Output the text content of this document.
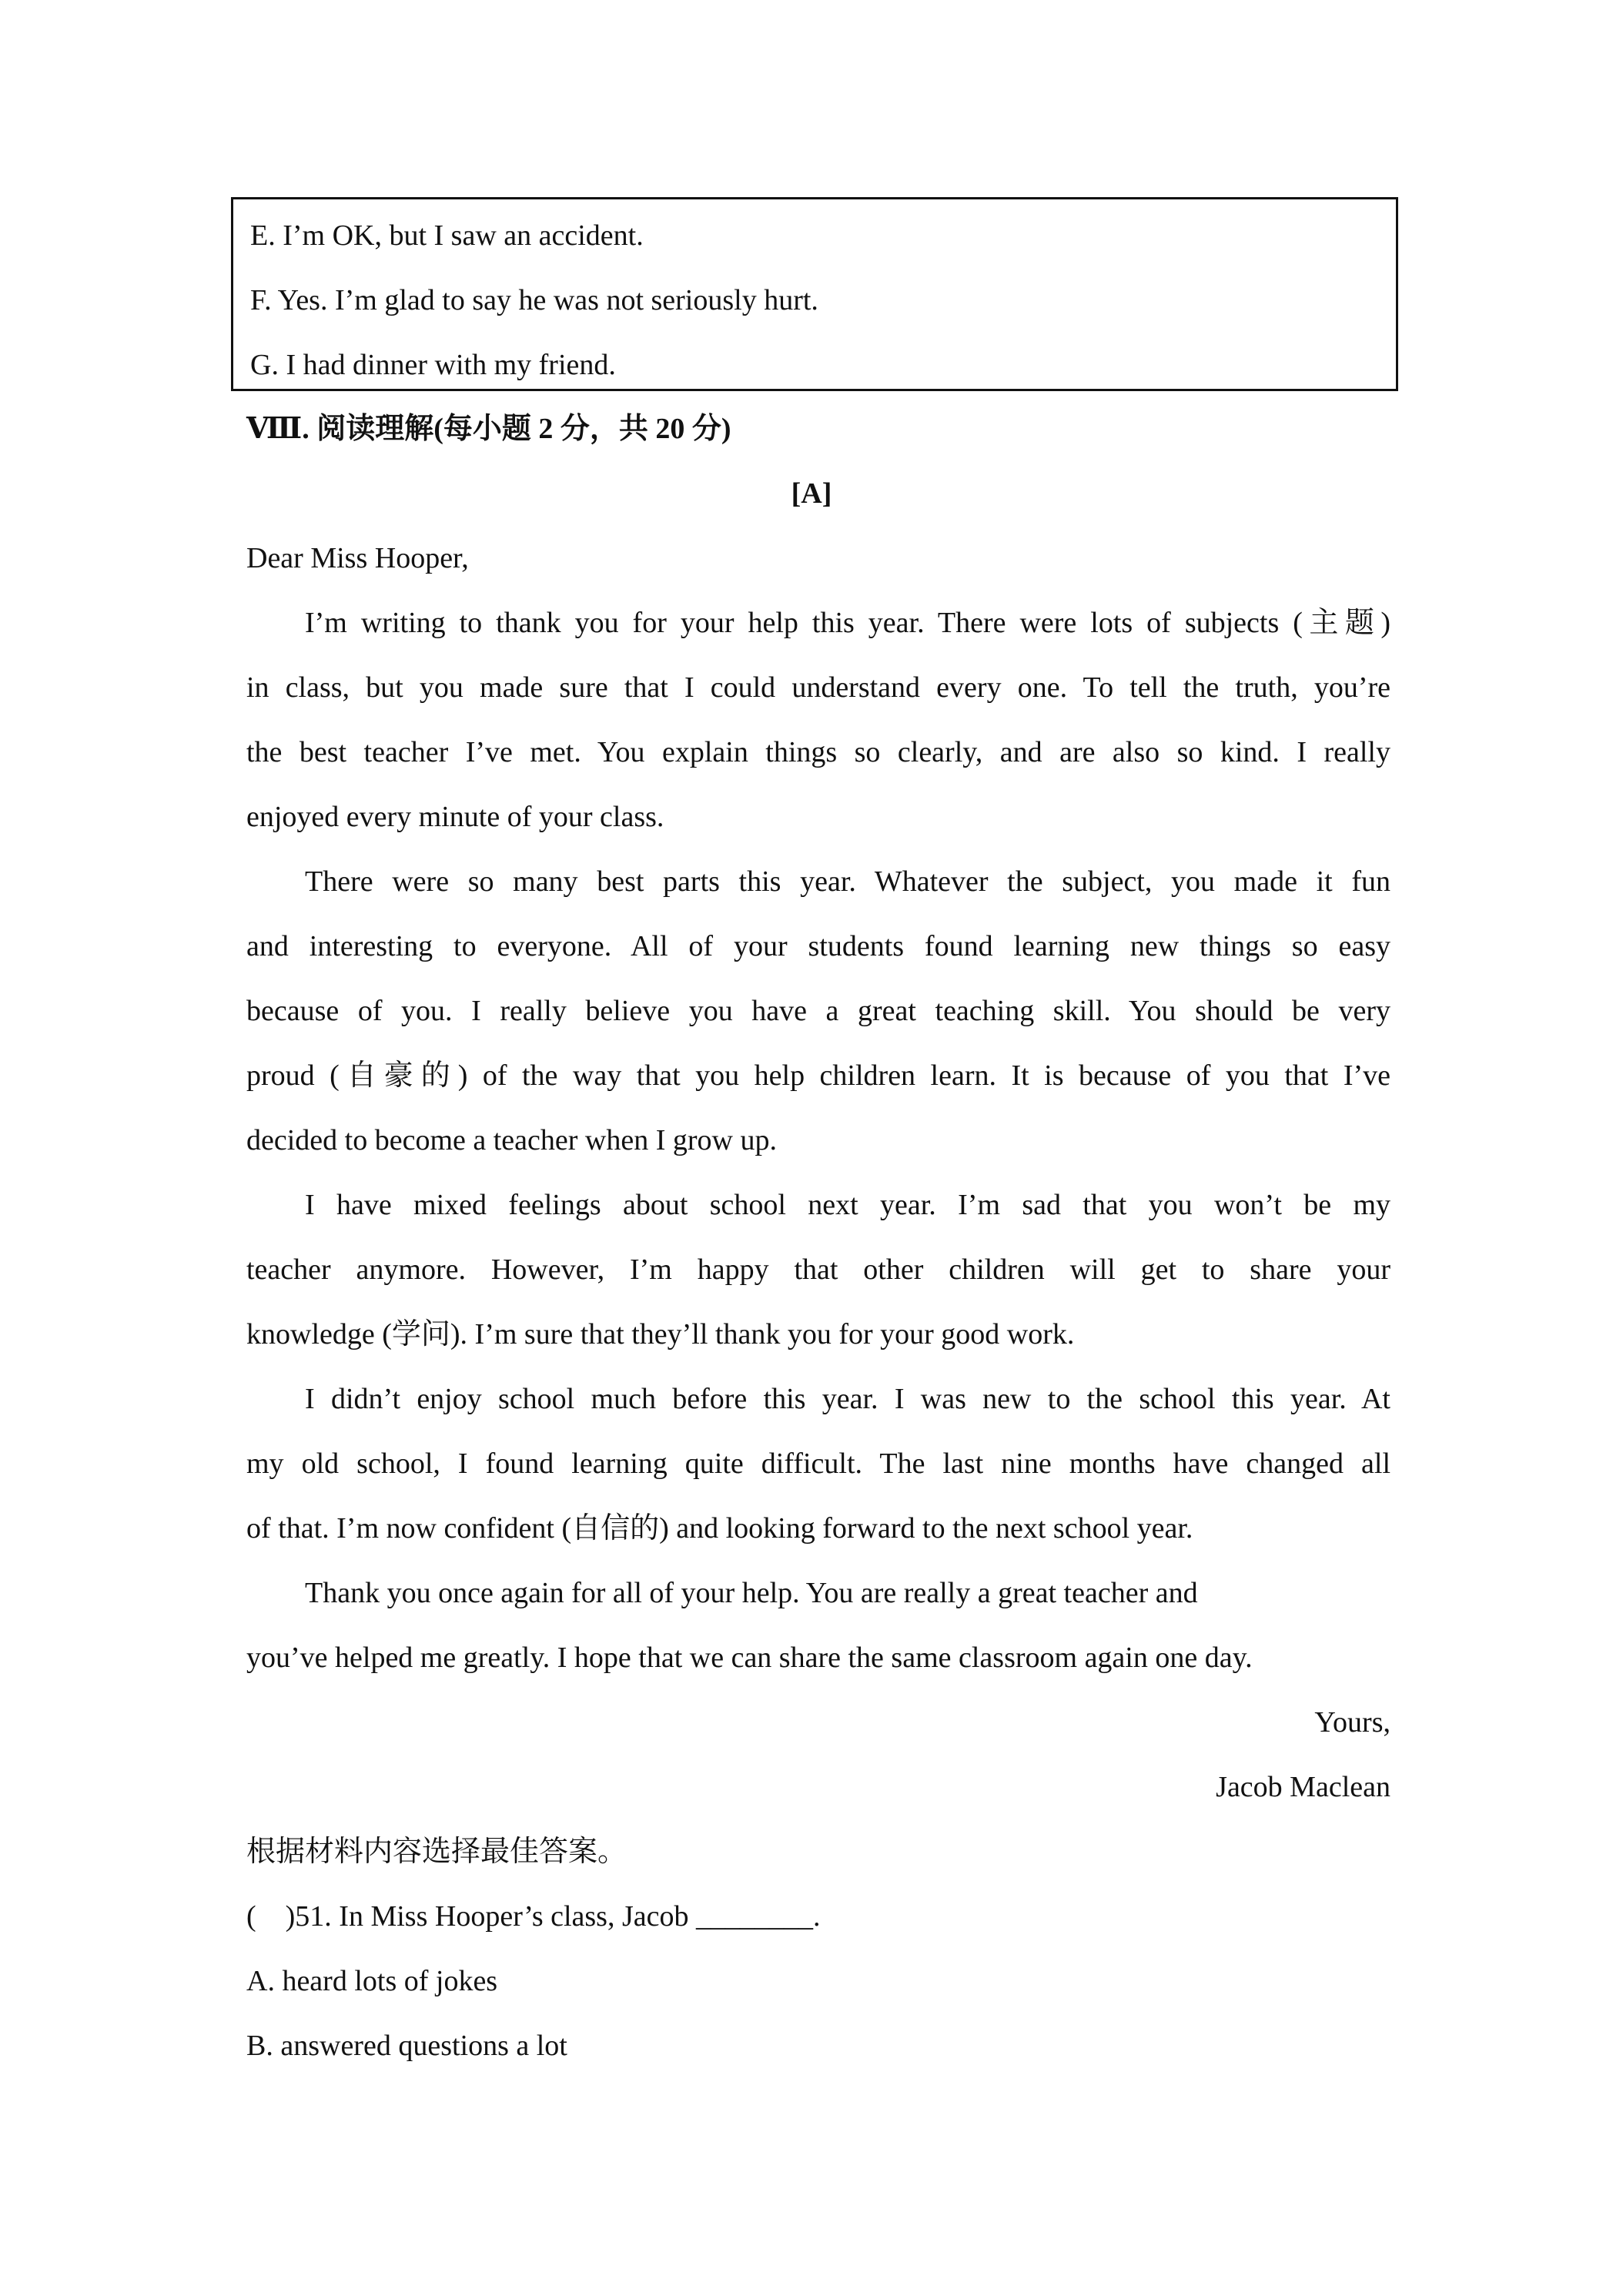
E. I’m OK, but I saw an accident.
F. Yes. I’m glad to say he was not seriously hurt.
G. I had dinner with my friend.
Ⅷ. 阅读理解(每小题 2 分，共 20 分)
[A]
Dear Miss Hooper,
I’m writing to thank you for your help this year. There were lots of subjects (主题)
in class, but you made sure that I could understand every one. To tell the truth, you’re
the best teacher I’ve met. You explain things so clearly, and are also so kind. I really
enjoyed every minute of your class.
There were so many best parts this year. Whatever the subject, you made it fun
and interesting to everyone. All of your students found learning new things so easy
because of you. I really believe you have a great teaching skill. You should be very
proud (自豪的) of the way that you help children learn. It is because of you that I’ve
decided to become a teacher when I grow up.
I have mixed feelings about school next year. I’m sad that you won’t be my
teacher anymore. However, I’m happy that other children will get to share your
knowledge (学问). I’m sure that they’ll thank you for your good work.
I didn’t enjoy school much before this year. I was new to the school this year. At
my old school, I found learning quite difficult. The last nine months have changed all
of that. I’m now confident (自信的) and looking forward to the next school year.
Thank you once again for all of your help. You are really a great teacher and
you’ve helped me greatly. I hope that we can share the same classroom again one day.
Yours,
Jacob Maclean
根据材料内容选择最佳答案。
(　)51. In Miss Hooper’s class, Jacob ________.
A. heard lots of jokes
B. answered questions a lot
